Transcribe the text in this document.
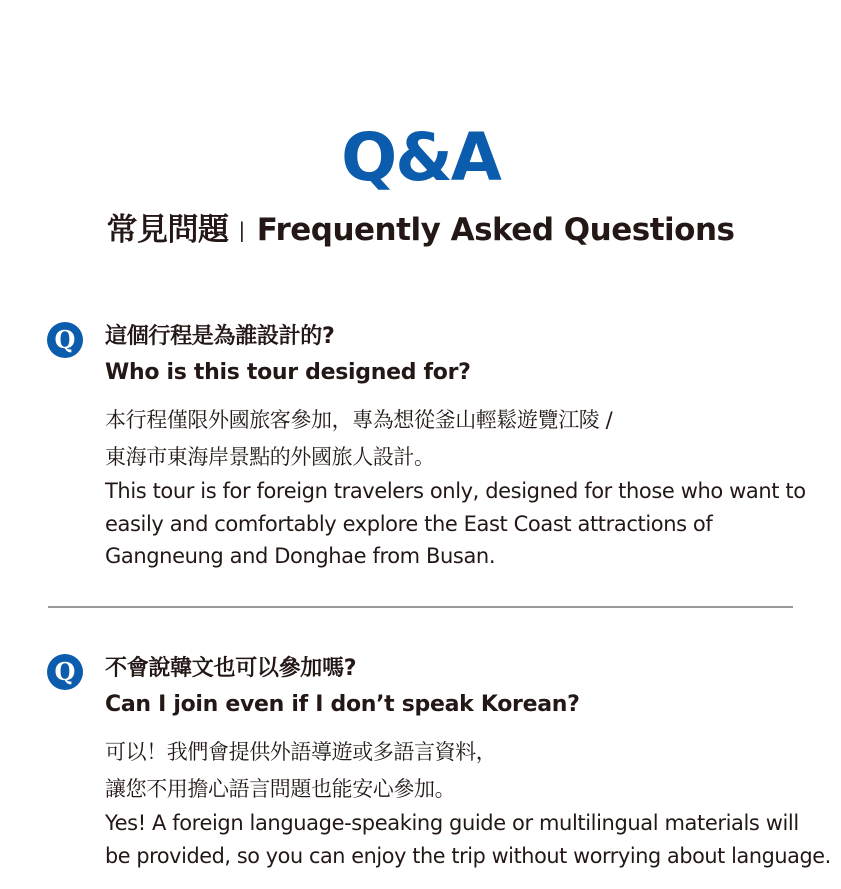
Q&A
常見問題 | Frequently Asked Questions
Q	這個行程是為誰設計的?
Who is this tour designed for?
本行程僅限外國旅客參加，專為想從釜山輕鬆遊覽江陵 /
東海市東海岸景點的外國旅人設計。
This tour is for foreign travelers only, designed for those who want to
easily and comfortably explore the East Coast attractions of
Gangneung and Donghae from Busan.
Q	不會說韓文也可以參加嗎?
Can I join even if I don’t speak Korean?
可以！我們會提供外語導遊或多語言資料，
讓您不用擔心語言問題也能安心參加。
Yes! A foreign language-speaking guide or multilingual materials will
be provided, so you can enjoy the trip without worrying about language.
